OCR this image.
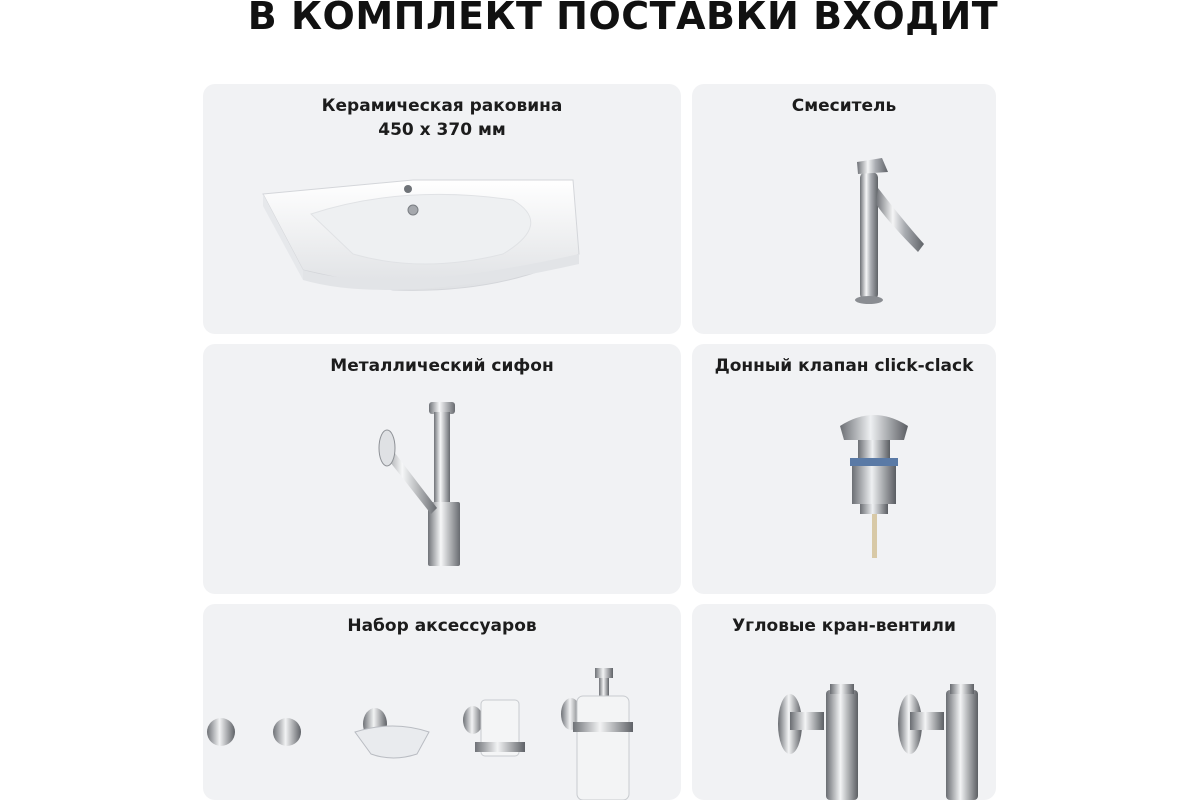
В КОМПЛЕКТ ПОСТАВКИ ВХОДИТ
Керамическая раковина
450 х 370 мм
Смеситель
Металлический сифон	Донный клапан click-clack
Набор аксессуаров	Угловые кран-вентили
